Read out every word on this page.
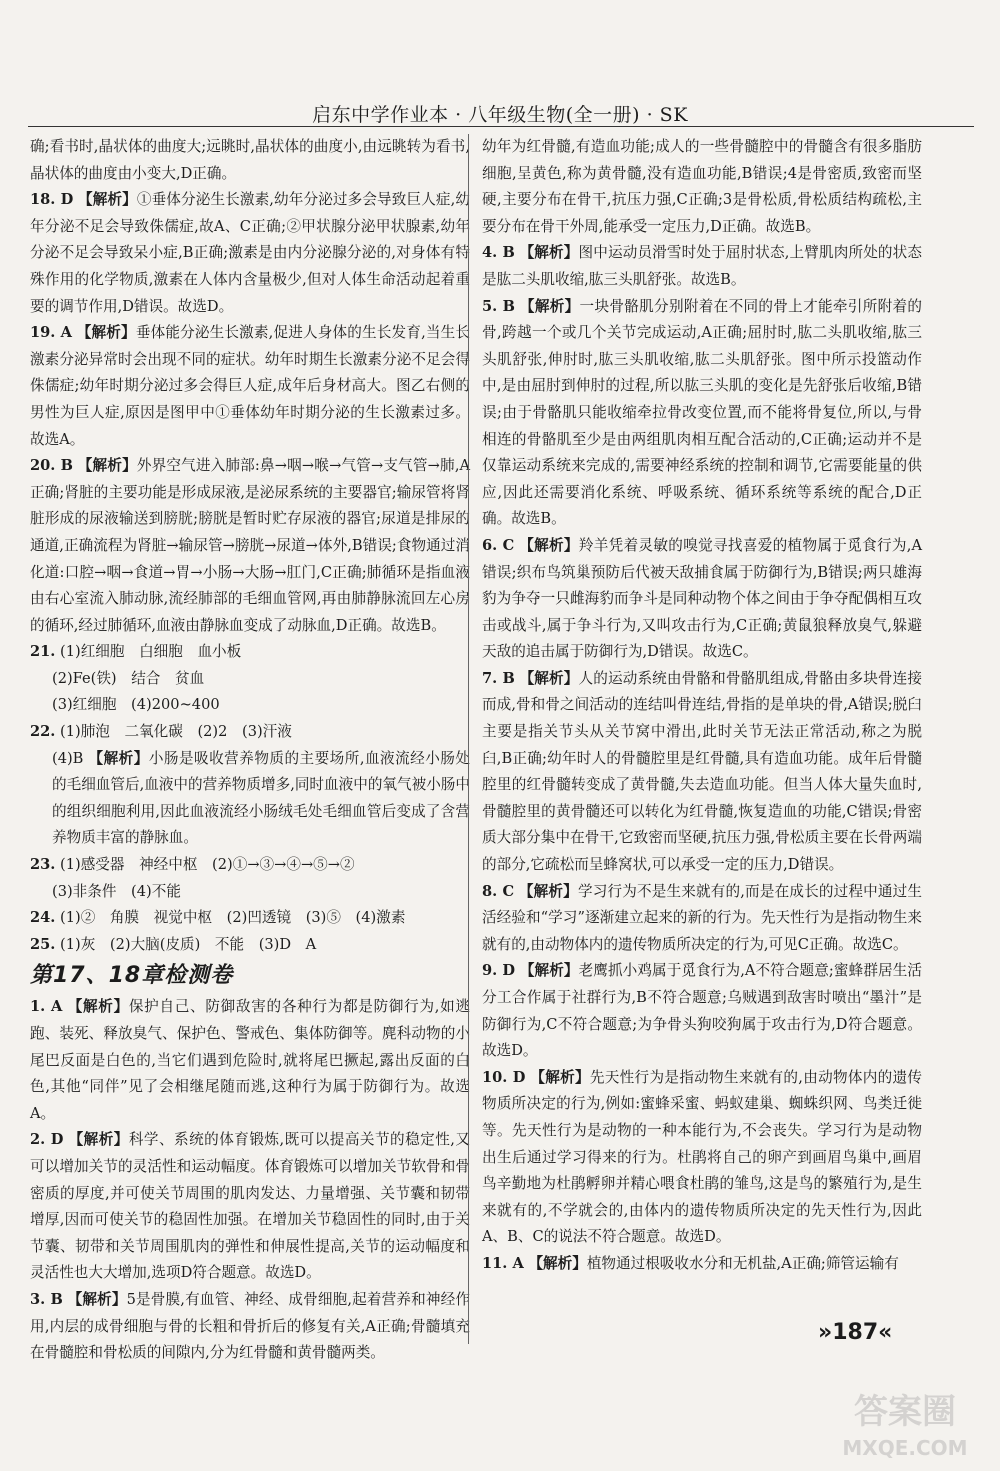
启东中学作业本 · 八年级生物(全一册) · SK

确;看书时,晶状体的曲度大;远眺时,晶状体的曲度小,由远眺转为看书,晶状体的曲度由小变大,D正确。

18. D 【解析】①垂体分泌生长激素,幼年分泌过多会导致巨人症,幼年分泌不足会导致侏儒症,故A、C正确;②甲状腺分泌甲状腺素,幼年分泌不足会导致呆小症,B正确;激素是由内分泌腺分泌的,对身体有特殊作用的化学物质,激素在人体内含量极少,但对人体生命活动起着重要的调节作用,D错误。故选D。

19. A 【解析】垂体能分泌生长激素,促进人身体的生长发育,当生长激素分泌异常时会出现不同的症状。幼年时期生长激素分泌不足会得侏儒症;幼年时期分泌过多会得巨人症,成年后身材高大。图乙右侧的男性为巨人症,原因是图甲中①垂体幼年时期分泌的生长激素过多。故选A。

20. B 【解析】外界空气进入肺部:鼻→咽→喉→气管→支气管→肺,A正确;肾脏的主要功能是形成尿液,是泌尿系统的主要器官;输尿管将肾脏形成的尿液输送到膀胱;膀胱是暂时贮存尿液的器官;尿道是排尿的通道,正确流程为肾脏→输尿管→膀胱→尿道→体外,B错误;食物通过消化道:口腔→咽→食道→胃→小肠→大肠→肛门,C正确;肺循环是指血液由右心室流入肺动脉,流经肺部的毛细血管网,再由肺静脉流回左心房的循环,经过肺循环,血液由静脉血变成了动脉血,D正确。故选B。

21. (1)红细胞　白细胞　血小板

(2)Fe(铁)　结合　贫血

(3)红细胞　(4)200~400

22. (1)肺泡　二氧化碳　(2)2　(3)汗液

(4)B 【解析】小肠是吸收营养物质的主要场所,血液流经小肠处的毛细血管后,血液中的营养物质增多,同时血液中的氧气被小肠中的组织细胞利用,因此血液流经小肠绒毛处毛细血管后变成了含营养物质丰富的静脉血。

23. (1)感受器　神经中枢　(2)①→③→④→⑤→②

(3)非条件　(4)不能

24. (1)②　角膜　视觉中枢　(2)凹透镜　(3)⑤　(4)激素

25. (1)灰　(2)大脑(皮质)　不能　(3)D　A

第17、18章检测卷

1. A 【解析】保护自己、防御敌害的各种行为都是防御行为,如逃跑、装死、释放臭气、保护色、警戒色、集体防御等。麂科动物的小尾巴反面是白色的,当它们遇到危险时,就将尾巴撅起,露出反面的白色,其他“同伴”见了会相继尾随而逃,这种行为属于防御行为。故选A。

2. D 【解析】科学、系统的体育锻炼,既可以提高关节的稳定性,又可以增加关节的灵活性和运动幅度。体育锻炼可以增加关节软骨和骨密质的厚度,并可使关节周围的肌肉发达、力量增强、关节囊和韧带增厚,因而可使关节的稳固性加强。在增加关节稳固性的同时,由于关节囊、韧带和关节周围肌肉的弹性和伸展性提高,关节的运动幅度和灵活性也大大增加,选项D符合题意。故选D。

3. B 【解析】5是骨膜,有血管、神经、成骨细胞,起着营养和神经作用,内层的成骨细胞与骨的长粗和骨折后的修复有关,A正确;骨髓填充在骨髓腔和骨松质的间隙内,分为红骨髓和黄骨髓两类。

幼年为红骨髓,有造血功能;成人的一些骨髓腔中的骨髓含有很多脂肪细胞,呈黄色,称为黄骨髓,没有造血功能,B错误;4是骨密质,致密而坚硬,主要分布在骨干,抗压力强,C正确;3是骨松质,骨松质结构疏松,主要分布在骨干外周,能承受一定压力,D正确。故选B。

4. B 【解析】图中运动员滑雪时处于屈肘状态,上臂肌肉所处的状态是肱二头肌收缩,肱三头肌舒张。故选B。

5. B 【解析】一块骨骼肌分别附着在不同的骨上才能牵引所附着的骨,跨越一个或几个关节完成运动,A正确;屈肘时,肱二头肌收缩,肱三头肌舒张,伸肘时,肱三头肌收缩,肱二头肌舒张。图中所示投篮动作中,是由屈肘到伸肘的过程,所以肱三头肌的变化是先舒张后收缩,B错误;由于骨骼肌只能收缩牵拉骨改变位置,而不能将骨复位,所以,与骨相连的骨骼肌至少是由两组肌肉相互配合活动的,C正确;运动并不是仅靠运动系统来完成的,需要神经系统的控制和调节,它需要能量的供应,因此还需要消化系统、呼吸系统、循环系统等系统的配合,D正确。故选B。

6. C 【解析】羚羊凭着灵敏的嗅觉寻找喜爱的植物属于觅食行为,A错误;织布鸟筑巢预防后代被天敌捕食属于防御行为,B错误;两只雄海豹为争夺一只雌海豹而争斗是同种动物个体之间由于争夺配偶相互攻击或战斗,属于争斗行为,又叫攻击行为,C正确;黄鼠狼释放臭气,躲避天敌的追击属于防御行为,D错误。故选C。

7. B 【解析】人的运动系统由骨骼和骨骼肌组成,骨骼由多块骨连接而成,骨和骨之间活动的连结叫骨连结,骨指的是单块的骨,A错误;脱臼主要是指关节头从关节窝中滑出,此时关节无法正常活动,称之为脱臼,B正确;幼年时人的骨髓腔里是红骨髓,具有造血功能。成年后骨髓腔里的红骨髓转变成了黄骨髓,失去造血功能。但当人体大量失血时,骨髓腔里的黄骨髓还可以转化为红骨髓,恢复造血的功能,C错误;骨密质大部分集中在骨干,它致密而坚硬,抗压力强,骨松质主要在长骨两端的部分,它疏松而呈蜂窝状,可以承受一定的压力,D错误。

8. C 【解析】学习行为不是生来就有的,而是在成长的过程中通过生活经验和“学习”逐渐建立起来的新的行为。先天性行为是指动物生来就有的,由动物体内的遗传物质所决定的行为,可见C正确。故选C。

9. D 【解析】老鹰抓小鸡属于觅食行为,A不符合题意;蜜蜂群居生活分工合作属于社群行为,B不符合题意;乌贼遇到敌害时喷出“墨汁”是防御行为,C不符合题意;为争骨头狗咬狗属于攻击行为,D符合题意。故选D。

10. D 【解析】先天性行为是指动物生来就有的,由动物体内的遗传物质所决定的行为,例如:蜜蜂采蜜、蚂蚁建巢、蜘蛛织网、鸟类迁徙等。先天性行为是动物的一种本能行为,不会丧失。学习行为是动物出生后通过学习得来的行为。杜鹃将自己的卵产到画眉鸟巢中,画眉鸟辛勤地为杜鹃孵卵并精心喂食杜鹃的雏鸟,这是鸟的繁殖行为,是生来就有的,不学就会的,由体内的遗传物质所决定的先天性行为,因此A、B、C的说法不符合题意。故选D。

11. A 【解析】植物通过根吸收水分和无机盐,A正确;筛管运输有

»187«
答案圈
MXQE.COM
